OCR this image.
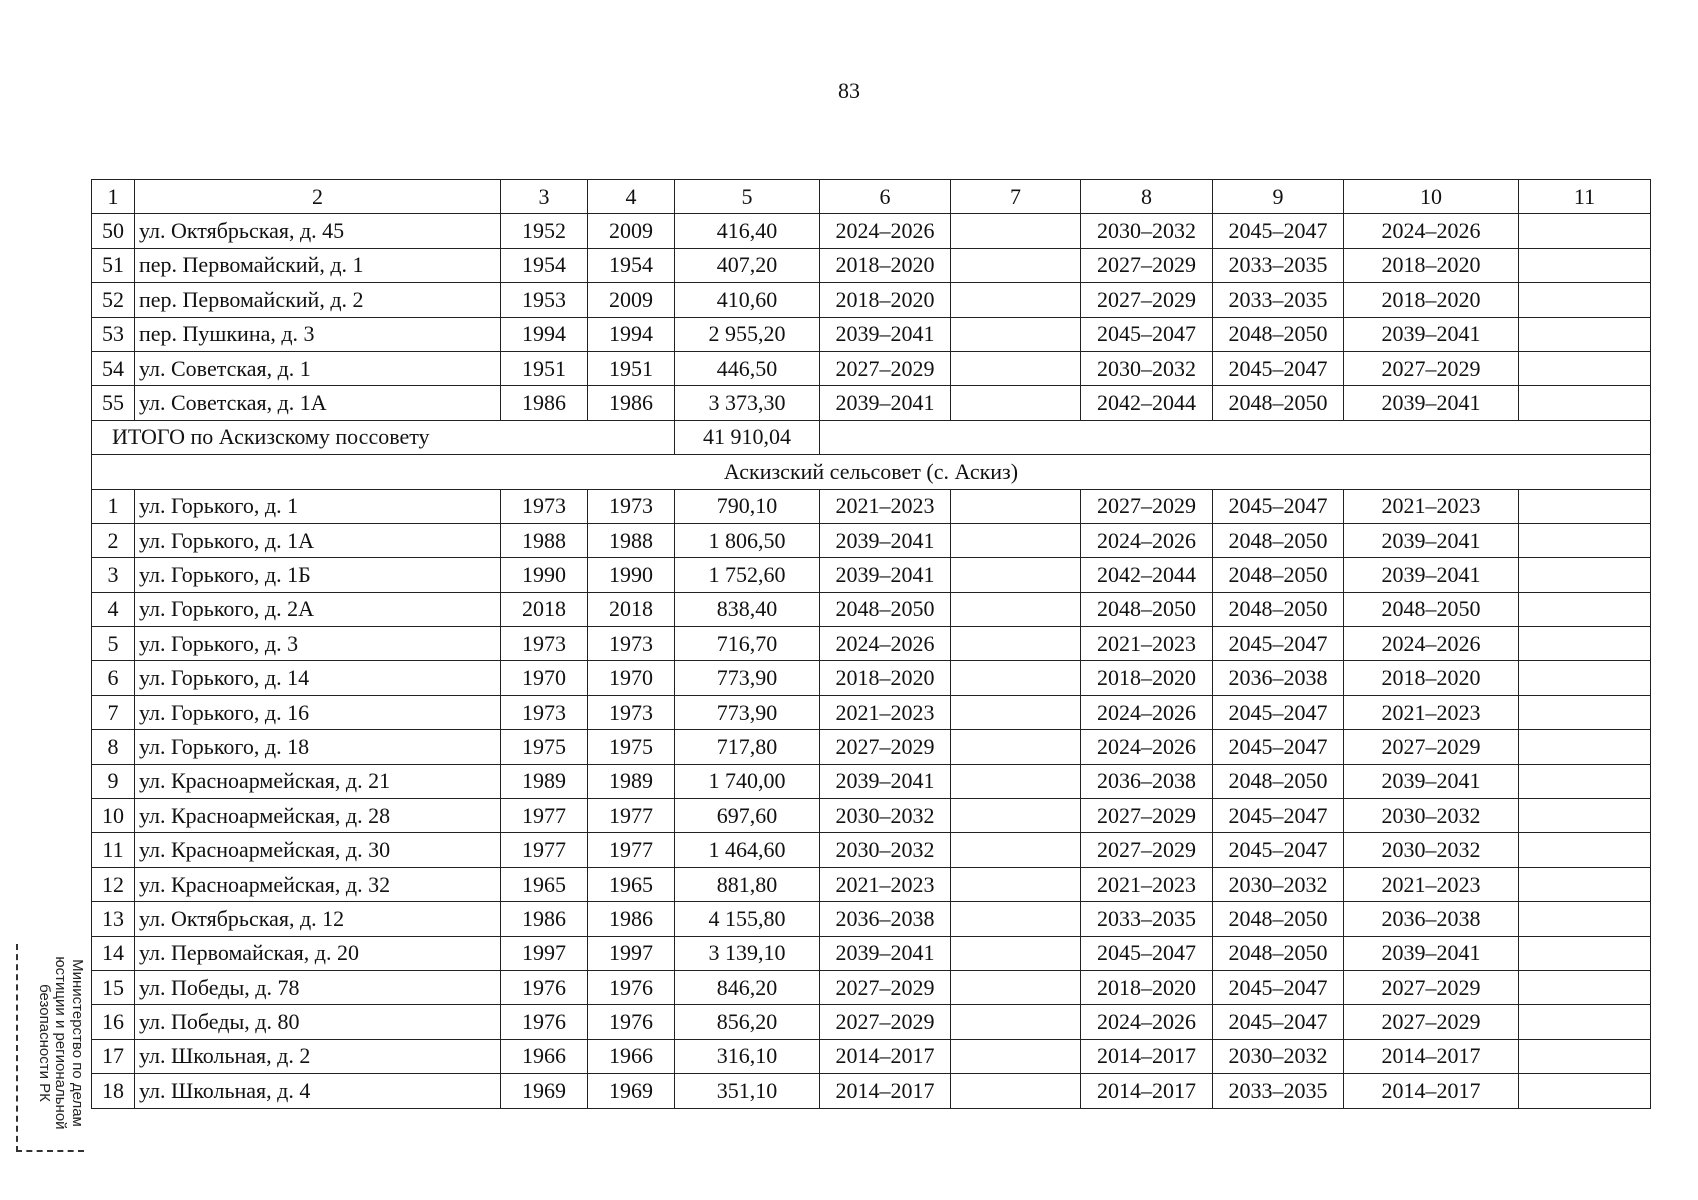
83
1	2	3	4	5	6	7	8	9	10	11
50	ул. Октябрьская, д. 45	1952	2009	416,40	2024–2026		2030–2032	2045–2047	2024–2026	
51	пер. Первомайский, д. 1	1954	1954	407,20	2018–2020		2027–2029	2033–2035	2018–2020	
52	пер. Первомайский, д. 2	1953	2009	410,60	2018–2020		2027–2029	2033–2035	2018–2020	
53	пер. Пушкина, д. 3	1994	1994	2 955,20	2039–2041		2045–2047	2048–2050	2039–2041	
54	ул. Советская, д. 1	1951	1951	446,50	2027–2029		2030–2032	2045–2047	2027–2029	
55	ул. Советская, д. 1А	1986	1986	3 373,30	2039–2041		2042–2044	2048–2050	2039–2041	
ИТОГО по Аскизскому поссовету				41 910,04						
Аскизский сельсовет (с. Аскиз)										
1	ул. Горького, д. 1	1973	1973	790,10	2021–2023		2027–2029	2045–2047	2021–2023	
2	ул. Горького, д. 1А	1988	1988	1 806,50	2039–2041		2024–2026	2048–2050	2039–2041	
3	ул. Горького, д. 1Б	1990	1990	1 752,60	2039–2041		2042–2044	2048–2050	2039–2041	
4	ул. Горького, д. 2А	2018	2018	838,40	2048–2050		2048–2050	2048–2050	2048–2050	
5	ул. Горького, д. 3	1973	1973	716,70	2024–2026		2021–2023	2045–2047	2024–2026	
6	ул. Горького, д. 14	1970	1970	773,90	2018–2020		2018–2020	2036–2038	2018–2020	
7	ул. Горького, д. 16	1973	1973	773,90	2021–2023		2024–2026	2045–2047	2021–2023	
8	ул. Горького, д. 18	1975	1975	717,80	2027–2029		2024–2026	2045–2047	2027–2029	
9	ул. Красноармейская, д. 21	1989	1989	1 740,00	2039–2041		2036–2038	2048–2050	2039–2041	
10	ул. Красноармейская, д. 28	1977	1977	697,60	2030–2032		2027–2029	2045–2047	2030–2032	
11	ул. Красноармейская, д. 30	1977	1977	1 464,60	2030–2032		2027–2029	2045–2047	2030–2032	
12	ул. Красноармейская, д. 32	1965	1965	881,80	2021–2023		2021–2023	2030–2032	2021–2023	
13	ул. Октябрьская, д. 12	1986	1986	4 155,80	2036–2038		2033–2035	2048–2050	2036–2038	
14	ул. Первомайская, д. 20	1997	1997	3 139,10	2039–2041		2045–2047	2048–2050	2039–2041	
15	ул. Победы, д. 78	1976	1976	846,20	2027–2029		2018–2020	2045–2047	2027–2029	
16	ул. Победы, д. 80	1976	1976	856,20	2027–2029		2024–2026	2045–2047	2027–2029	
17	ул. Школьная, д. 2	1966	1966	316,10	2014–2017		2014–2017	2030–2032	2014–2017	
18	ул. Школьная, д. 4	1969	1969	351,10	2014–2017		2014–2017	2033–2035	2014–2017	
Министерство по делам
юстиции и региональной
безопасности РК
